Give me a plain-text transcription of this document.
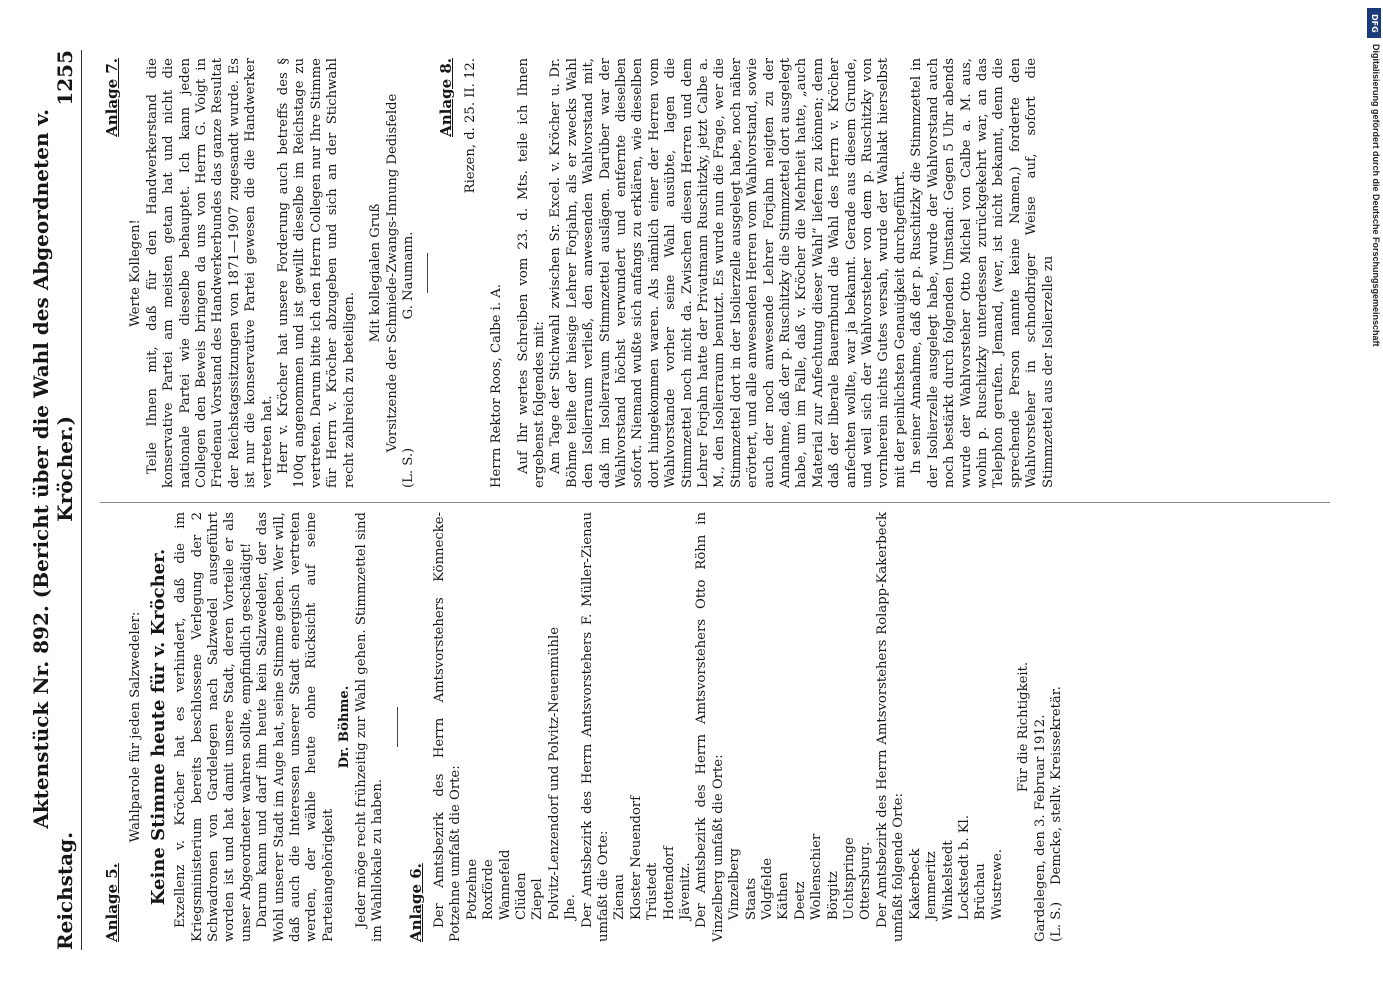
Reichstag.
Aktenstück Nr. 892. (Bericht über die Wahl des Abgeordneten v. Kröcher.)
1255
Anlage 5.

Wahlparole für jeden Salzwedeler: Keine Stimme heute für v. Kröcher. Exzellenz v. Kröcher hat es verhindert, daß die im Kriegsministerium bereits beschlossene Verlegung der 2 Schwadronen von Gardelegen nach Salzwedel ausgeführt worden ist und hat damit unsere Stadt, deren Vorteile er als unser Abgeordneter wahren sollte, empfindlich geschädigt! Darum kann und darf ihm heute kein Salzwedeler, der das Wohl unserer Stadt im Auge hat, seine Stimme geben. Wer will, daß auch die Interessen unserer Stadt energisch vertreten werden, der wähle heute ohne Rücksicht auf seine Parteiangehörigkeit

Dr. Böhme. Jeder möge recht frühzeitig zur Wahl gehen. Stimmzettel sind im Wahllokale zu haben. Anlage 6. Der Amtsbezirk des Herrn Amtsvorstehers Könnecke-Potzehne umfaßt die Orte: Potzehne Roxförde Wannefeld Clüden Ziepel Polvitz-Lenzendorf und Polvitz-Neuenmühle Jhe. Der Amtsbezirk des Herrn Amtsvorstehers F. Müller-Zienau umfaßt die Orte: Zienau Kloster Neuendorf Trüstedt Hottendorf Jävenitz. Der Amtsbezirk des Herrn Amtsvorstehers Otto Röhn in Vinzelberg umfaßt die Orte: Vinzelberg Staats Volgfelde Käthen Deetz Wollenschier Börgitz Uchtspringe Ottersburg. Der Amtsbezirk des Herrn Amtsvorstehers Rolapp-Kakerbeck umfaßt folgende Orte: Kakerbeck Jemmeritz Winkelstedt Lockstedt b. Kl. Brüchau Wustrewe.

Für die Richtigkeit. Gardelegen, den 3. Februar 1912. (L. S.)    Demcke, stellv. Kreissekretär.

Anlage 7.

Werte Kollegen! Teile Ihnen mit, daß für den Handwerkerstand die konservative Partei am meisten getan hat und nicht die nationale Partei wie dieselbe behauptet. Ich kann jeden Collegen den Beweis bringen da uns von Herrn G. Voigt in Friedenau Vorstand des Handwerkerbundes das ganze Resultat der Reichstagssitzungen von 1871—1907 zugesandt wurde. Es ist nur die konservative Partei gewesen die die Handwerker vertreten hat. Herr v. Kröcher hat unsere Forderung auch betreffs des § 100q angenommen und ist gewillt dieselbe im Reichstage zu vertreten. Darum bitte ich den Herrn Collegen nur Ihre Stimme für Herrn v. Kröcher abzugeben und sich an der Stichwahl recht zahlreich zu beteiligen.

Mit kollegialen Gruß Vorsitzende der Schmiede-Zwangs-Innung Dedisfelde

(L. S.)  G. Naumann.

Anlage 8. Riezen, d. 25. II. 12.

Herrn Rektor Roos, Calbe i. A. Auf Ihr wertes Schreiben vom 23. d. Mts. teile ich Ihnen ergebenst folgendes mit: Am Tage der Stichwahl zwischen Sr. Excel. v. Kröcher u. Dr. Böhme teilte der hiesige Lehrer Forjahn, als er zwecks Wahl den Isolierraum verließ, den anwesenden Wahlvorstand mit, daß im Isolierraum Stimmzettel auslägen. Darüber war der Wahlvorstand höchst verwundert und entfernte dieselben sofort. Niemand wußte sich anfangs zu erklären, wie dieselben dort hingekommen waren. Als nämlich einer der Herren vom Wahlvorstande vorher seine Wahl ausübte, lagen die Stimmzettel noch nicht da. Zwischen diesen Herren und dem Lehrer Forjahn hatte der Privatmann Ruschitzky, jetzt Calbe a. M., den Isolierraum benutzt. Es wurde nun die Frage, wer die Stimmzettel dort in der Isolierzelle ausgelegt habe, noch näher erörtert, und alle anwesenden Herren vom Wahlvorstand, sowie auch der noch anwesende Lehrer Forjahn neigten zu der Annahme, daß der p. Ruschitzky die Stimmzettel dort ausgelegt habe, um im Falle, daß v. Kröcher die Mehrheit hatte, „auch Material zur Anfechtung dieser Wahl“ liefern zu können; denn daß der liberale Bauernbund die Wahl des Herrn v. Kröcher anfechten wollte, war ja bekannt. Gerade aus diesem Grunde, und weil sich der Wahlvorsteher von dem p. Ruschitzky von vornherein nichts Gutes versah, wurde der Wahlakt hierselbst mit der peinlichsten Genauigkeit durchgeführt. In seiner Annahme, daß der p. Ruschitzky die Stimmzettel in der Isolierzelle ausgelegt habe, wurde der Wahlvorstand auch noch bestärkt durch folgenden Umstand: Gegen 5 Uhr abends wurde der Wahlvorsteher Otto Michel von Calbe a. M. aus, wohin p. Ruschitzky unterdessen zurückgekehrt war, an das Telephon gerufen. Jemand, (wer, ist nicht bekannt, denn die sprechende Person nannte keine Namen,) forderte den Wahlvorsteher in schnodbriger Weise auf, sofort die Stimmzettel aus der Isolierzelle zu

DFG
Digitalisierung gefördert durch die Deutsche Forschungsgemeinschaft
